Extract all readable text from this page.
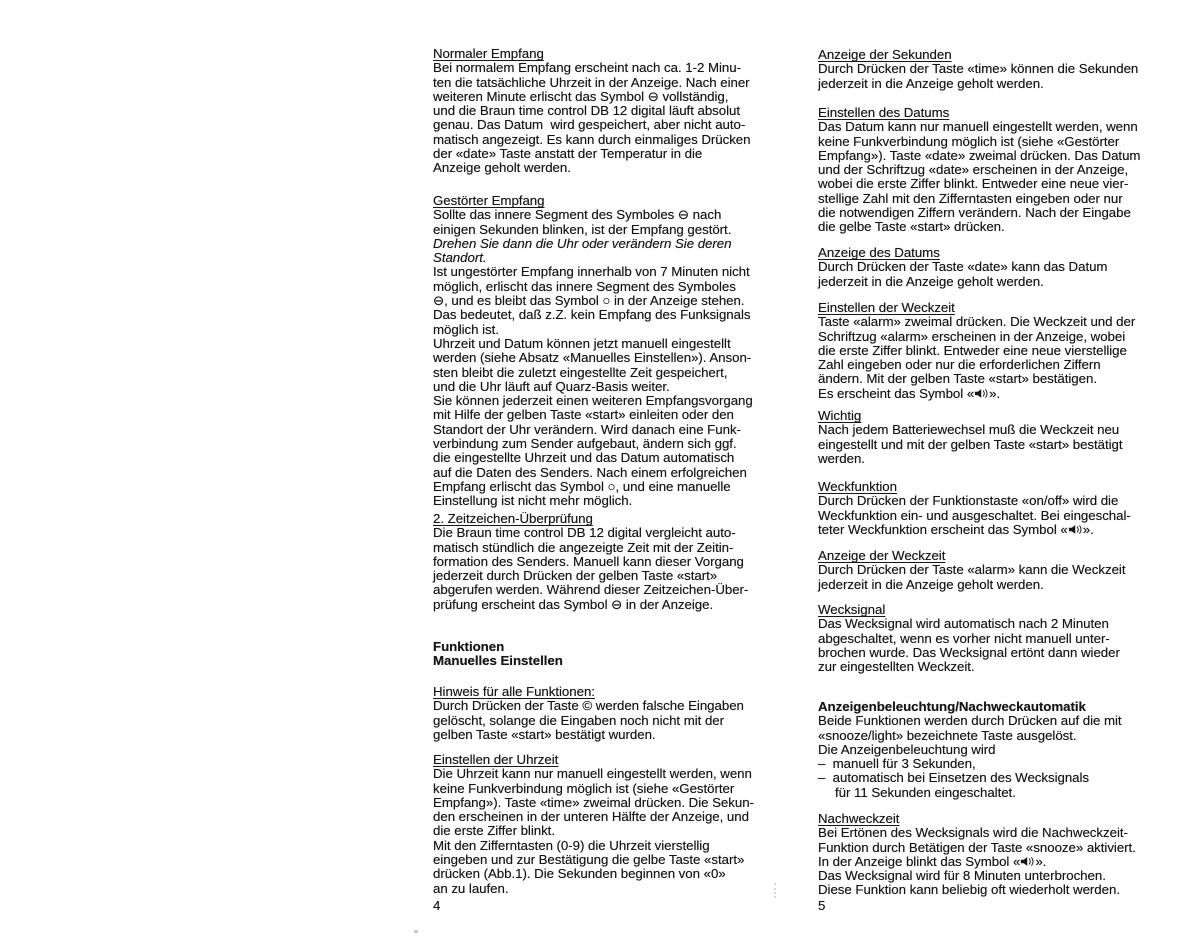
4
Normaler Empfang
Bei normalem Empfang erscheint nach ca. 1-2 Minu-
ten die tatsächliche Uhrzeit in der Anzeige. Nach einer
weiteren Minute erlischt das Symbol ⊖ vollständig,
und die Braun time control DB 12 digital läuft absolut
genau. Das Datum  wird gespeichert, aber nicht auto-
matisch angezeigt. Es kann durch einmaliges Drücken
der «date» Taste anstatt der Temperatur in die
Anzeige geholt werden.
Gestörter Empfang
Sollte das innere Segment des Symboles ⊖ nach
einigen Sekunden blinken, ist der Empfang gestört.
Drehen Sie dann die Uhr oder verändern Sie deren
Standort.
Ist ungestörter Empfang innerhalb von 7 Minuten nicht
möglich, erlischt das innere Segment des Symboles
⊖, und es bleibt das Symbol ○ in der Anzeige stehen.
Das bedeutet, daß z.Z. kein Empfang des Funksignals
möglich ist.
Uhrzeit und Datum können jetzt manuell eingestellt
werden (siehe Absatz «Manuelles Einstellen»). Anson-
sten bleibt die zuletzt eingestellte Zeit gespeichert,
und die Uhr läuft auf Quarz-Basis weiter.
Sie können jederzeit einen weiteren Empfangsvorgang
mit Hilfe der gelben Taste «start» einleiten oder den
Standort der Uhr verändern. Wird danach eine Funk-
verbindung zum Sender aufgebaut, ändern sich ggf.
die eingestellte Uhrzeit und das Datum automatisch
auf die Daten des Senders. Nach einem erfolgreichen
Empfang erlischt das Symbol ○, und eine manuelle
Einstellung ist nicht mehr möglich.
2. Zeitzeichen-Überprüfung
Die Braun time control DB 12 digital vergleicht auto-
matisch stündlich die angezeigte Zeit mit der Zeitin-
formation des Senders. Manuell kann dieser Vorgang
jederzeit durch Drücken der gelben Taste «start»
abgerufen werden. Während dieser Zeitzeichen-Über-
prüfung erscheint das Symbol ⊖ in der Anzeige.
Funktionen
Manuelles Einstellen
Hinweis für alle Funktionen:
Durch Drücken der Taste © werden falsche Eingaben
gelöscht, solange die Eingaben noch nicht mit der
gelben Taste «start» bestätigt wurden.
Einstellen der Uhrzeit
Die Uhrzeit kann nur manuell eingestellt werden, wenn
keine Funkverbindung möglich ist (siehe «Gestörter
Empfang»). Taste «time» zweimal drücken. Die Sekun-
den erscheinen in der unteren Hälfte der Anzeige, und
die erste Ziffer blinkt.
Mit den Zifferntasten (0-9) die Uhrzeit vierstellig
eingeben und zur Bestätigung die gelbe Taste «start»
drücken (Abb.1). Die Sekunden beginnen von «0»
an zu laufen.
5
Anzeige der Sekunden
Durch Drücken der Taste «time» können die Sekunden
jederzeit in die Anzeige geholt werden.
Einstellen des Datums
Das Datum kann nur manuell eingestellt werden, wenn
keine Funkverbindung möglich ist (siehe «Gestörter
Empfang»). Taste «date» zweimal drücken. Das Datum
und der Schriftzug «date» erscheinen in der Anzeige,
wobei die erste Ziffer blinkt. Entweder eine neue vier-
stellige Zahl mit den Zifferntasten eingeben oder nur
die notwendigen Ziffern verändern. Nach der Eingabe
die gelbe Taste «start» drücken.
Anzeige des Datums
Durch Drücken der Taste «date» kann das Datum
jederzeit in die Anzeige geholt werden.
Einstellen der Weckzeit
Taste «alarm» zweimal drücken. Die Weckzeit und der
Schriftzug «alarm» erscheinen in der Anzeige, wobei
die erste Ziffer blinkt. Entweder eine neue vierstellige
Zahl eingeben oder nur die erforderlichen Ziffern
ändern. Mit der gelben Taste «start» bestätigen.
Es erscheint das Symbol « ».
Wichtig
Nach jedem Batteriewechsel muß die Weckzeit neu
eingestellt und mit der gelben Taste «start» bestätigt
werden.
Weckfunktion
Durch Drücken der Funktionstaste «on/off» wird die
Weckfunktion ein- und ausgeschaltet. Bei eingeschal-
teter Weckfunktion erscheint das Symbol « ».
Anzeige der Weckzeit
Durch Drücken der Taste «alarm» kann die Weckzeit
jederzeit in die Anzeige geholt werden.
Wecksignal
Das Wecksignal wird automatisch nach 2 Minuten
abgeschaltet, wenn es vorher nicht manuell unter-
brochen wurde. Das Wecksignal ertönt dann wieder
zur eingestellten Weckzeit.
Anzeigenbeleuchtung/Nachweckautomatik
Beide Funktionen werden durch Drücken auf die mit
«snooze/light» bezeichnete Taste ausgelöst.
Die Anzeigenbeleuchtung wird
–  manuell für 3 Sekunden,
–  automatisch bei Einsetzen des Wecksignals
für 11 Sekunden eingeschaltet.
Nachweckzeit
Bei Ertönen des Wecksignals wird die Nachweckzeit-
Funktion durch Betätigen der Taste «snooze» aktiviert.
In der Anzeige blinkt das Symbol « ».
Das Wecksignal wird für 8 Minuten unterbrochen.
Diese Funktion kann beliebig oft wiederholt werden.
